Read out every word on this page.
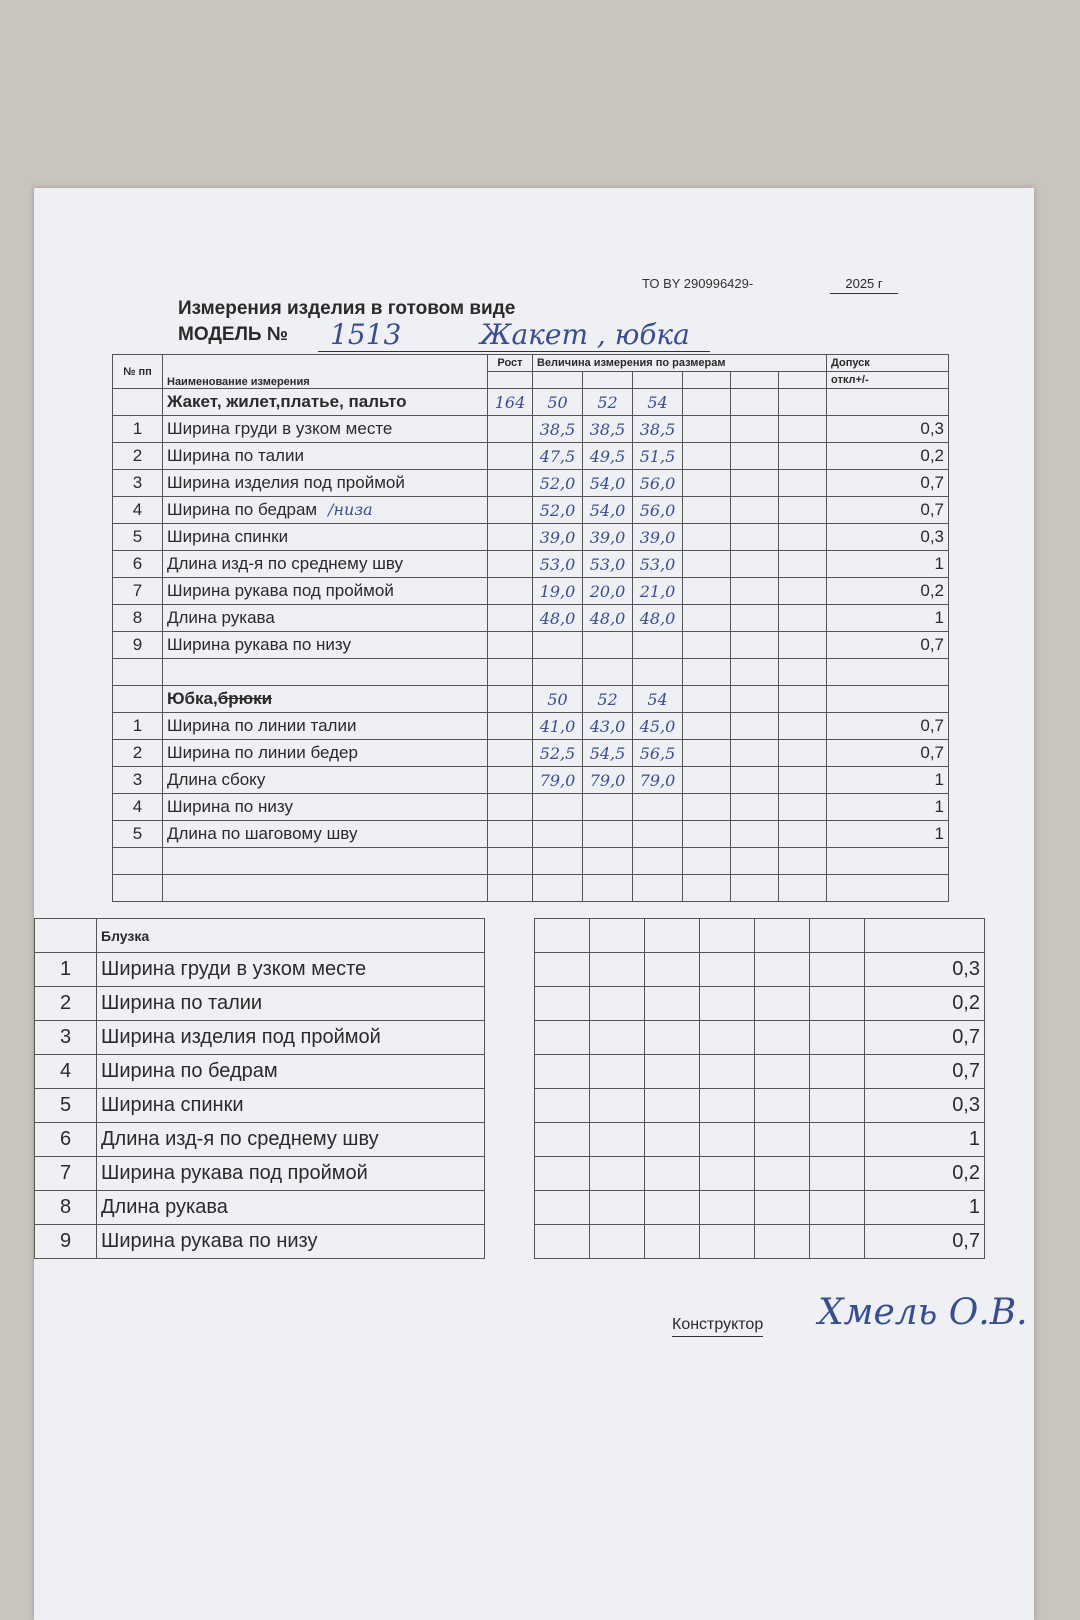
ТО BY 290996429-	2025 г
Измерения изделия в готовом виде
МОДЕЛЬ № 1513	Жакет , юбка
№ пп	Наименование измерения	Рост	Величина измерения по размерам						Допуск
									откл+/-
	Жакет, жилет,платье, пальто	164	50	52	54				
1	Ширина груди в узком месте		38,5	38,5	38,5				0,3
2	Ширина по талии		47,5	49,5	51,5				0,2
3	Ширина изделия под проймой		52,0	54,0	56,0				0,7
4	Ширина по бедрам /низа		52,0	54,0	56,0				0,7
5	Ширина спинки		39,0	39,0	39,0				0,3
6	Длина изд-я по среднему шву		53,0	53,0	53,0				1
7	Ширина рукава под проймой		19,0	20,0	21,0				0,2
8	Длина рукава		48,0	48,0	48,0				1
9	Ширина рукава по низу								0,7

	Юбка,брюки		50	52	54				
1	Ширина по линии талии		41,0	43,0	45,0				0,7
2	Ширина по линии бедер		52,5	54,5	56,5				0,7
3	Длина сбоку		79,0	79,0	79,0				1
4	Ширина по низу								1
5	Длина по шаговому шву								1

	Блузка								
1	Ширина груди в узком месте								0,3
2	Ширина по талии								0,2
3	Ширина изделия под проймой								0,7
4	Ширина по бедрам								0,7
5	Ширина спинки								0,3
6	Длина изд-я по среднему шву								1
7	Ширина рукава под проймой								0,2
8	Длина рукава								1
9	Ширина рукава по низу								0,7
Конструктор Хмель О.В.
